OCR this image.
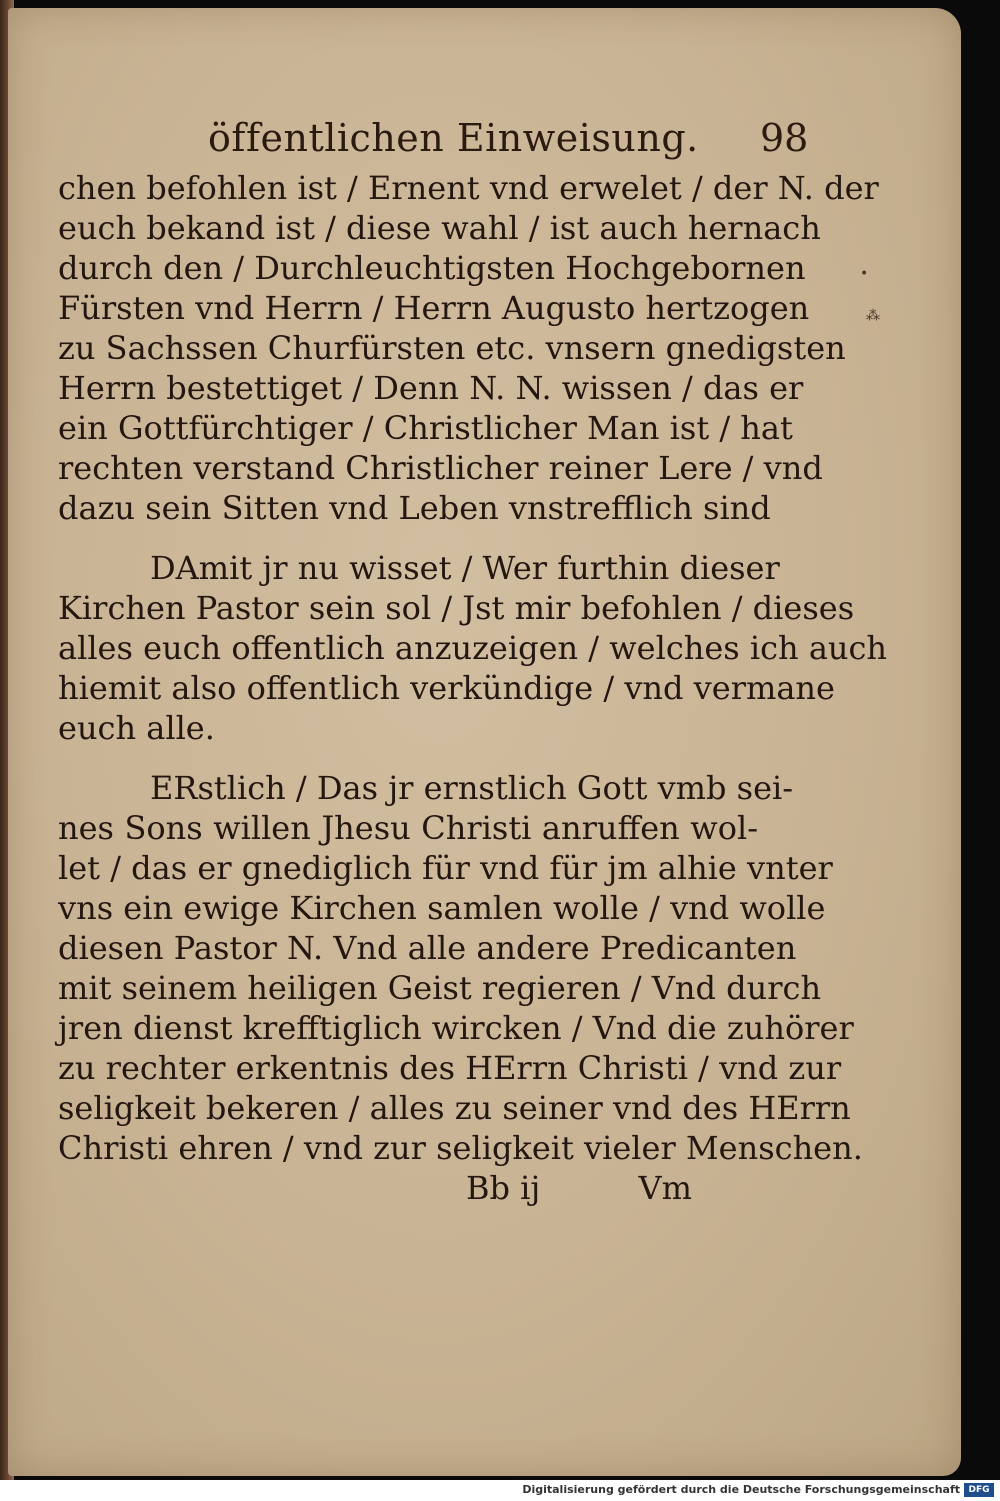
öffentlichen Einweisung. 98
•
⁂
chen befohlen ist / Ernent vnd erwelet / der N. der
euch bekand ist / diese wahl / ist auch hernach
durch den / Durchleuchtigsten Hochgebornen
Fürsten vnd Herrn / Herrn Augusto hertzogen
zu Sachssen Churfürsten etc. vnsern gnedigsten
Herrn bestettiget / Denn N. N. wissen / das er
ein Gottfürchtiger / Christlicher Man ist / hat
rechten verstand Christlicher reiner Lere / vnd
dazu sein Sitten vnd Leben vnstrefflich sind
DAmit jr nu wisset / Wer furthin dieser
Kirchen Pastor sein sol / Jst mir befohlen / dieses
alles euch offentlich anzuzeigen / welches ich auch
hiemit also offentlich verkündige / vnd vermane
euch alle.
ERstlich / Das jr ernstlich Gott vmb sei-
nes Sons willen Jhesu Christi anruffen wol-
let / das er gnediglich für vnd für jm alhie vnter
vns ein ewige Kirchen samlen wolle / vnd wolle
diesen Pastor N. Vnd alle andere Predicanten
mit seinem heiligen Geist regieren / Vnd durch
jren dienst krefftiglich wircken / Vnd die zuhörer
zu rechter erkentnis des HErrn Christi / vnd zur
seligkeit bekeren / alles zu seiner vnd des HErrn
Christi ehren / vnd zur seligkeit vieler Menschen.
Bb ij	Vm
Digitalisierung gefördert durch die Deutsche Forschungsgemeinschaft DFG
